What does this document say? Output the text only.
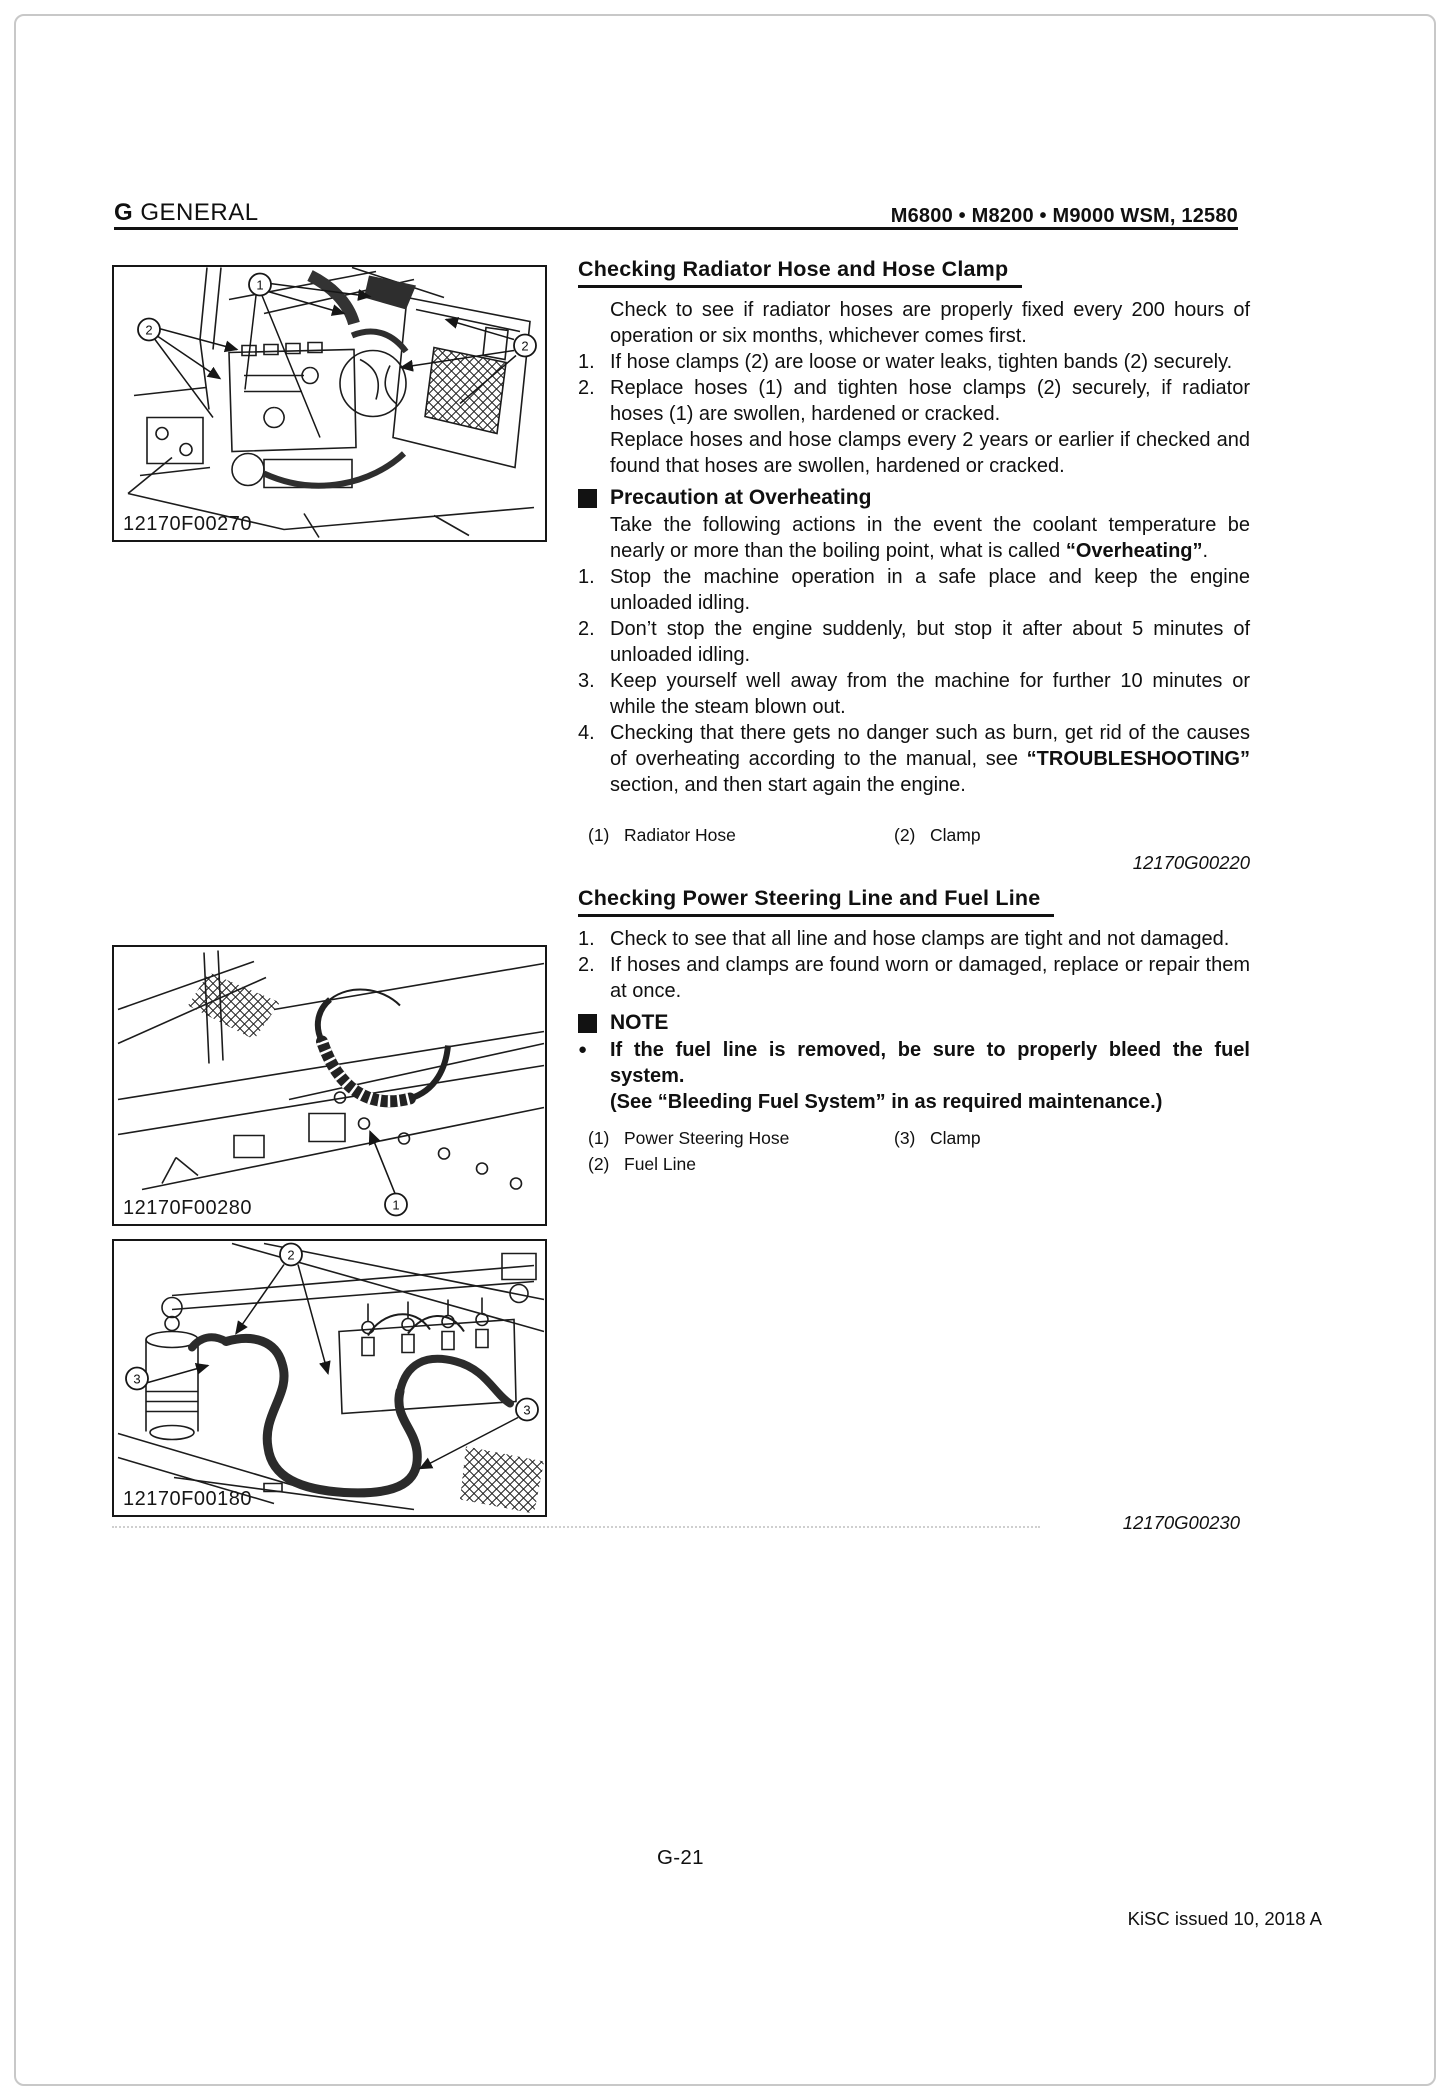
G GENERAL	M6800 • M8200 • M9000 WSM, 12580
1
2
2
12170F00270
1
12170F00280
2
3
3
12170F00180
Checking Radiator Hose and Hose Clamp

Check to see if radiator hoses are properly fixed every 200 hours of operation or six months, whichever comes first.

1. If hose clamps (2) are loose or water leaks, tighten bands (2) securely.
2. Replace hoses (1) and tighten hose clamps (2) securely, if radiator hoses (1) are swollen, hardened or cracked.
Replace hoses and hose clamps every 2 years or earlier if checked and found that hoses are swollen, hardened or cracked.
Precaution at Overheating

Take the following actions in the event the coolant temperature be nearly or more than the boiling point, what is called “Overheating”.

1. Stop the machine operation in a safe place and keep the engine unloaded idling.
2. Don’t stop the engine suddenly, but stop it after about 5 minutes of unloaded idling.
3. Keep yourself well away from the machine for further 10 minutes or while the steam blown out.
4. Checking that there gets no danger such as burn, get rid of the causes of overheating according to the manual, see “TROUBLESHOOTING” section, and then start again the engine.
(1) Radiator Hose	(2) Clamp
12170G00220
Checking Power Steering Line and Fuel Line

1. Check to see that all line and hose clamps are tight and not damaged.
2. If hoses and clamps are found worn or damaged, replace or repair them at once.
NOTE
●	If the fuel line is removed, be sure to properly bleed the fuel system.
(See “Bleeding Fuel System” in as required maintenance.)
(1) Power Steering Hose	(3) Clamp
(2) Fuel Line
12170G00230
G-21
KiSC issued 10, 2018 A
